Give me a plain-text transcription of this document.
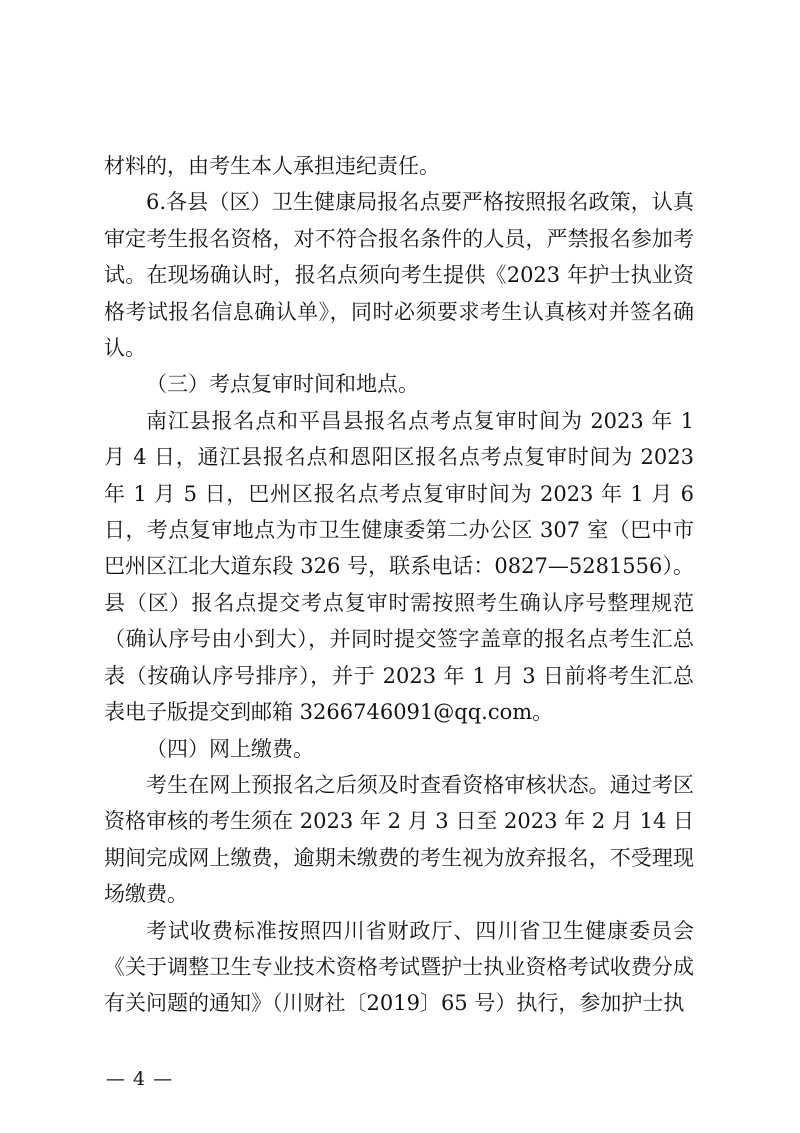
材料的，由考生本人承担违纪责任。

6.各县（区）卫生健康局报名点要严格按照报名政策，认真审定考生报名资格，对不符合报名条件的人员，严禁报名参加考试。在现场确认时，报名点须向考生提供《2023 年护士执业资格考试报名信息确认单》，同时必须要求考生认真核对并签名确认。

（三）考点复审时间和地点。

南江县报名点和平昌县报名点考点复审时间为 2023 年 1 月 4 日，通江县报名点和恩阳区报名点考点复审时间为 2023 年 1 月 5 日，巴州区报名点考点复审时间为 2023 年 1 月 6 日，考点复审地点为市卫生健康委第二办公区 307 室（巴中市巴州区江北大道东段 326 号，联系电话：0827—5281556）。县（区）报名点提交考点复审时需按照考生确认序号整理规范（确认序号由小到大），并同时提交签字盖章的报名点考生汇总表（按确认序号排序），并于 2023 年 1 月 3 日前将考生汇总表电子版提交到邮箱 3266746091@qq.com。

（四）网上缴费。

考生在网上预报名之后须及时查看资格审核状态。通过考区资格审核的考生须在 2023 年 2 月 3 日至 2023 年 2 月 14 日期间完成网上缴费，逾期未缴费的考生视为放弃报名，不受理现场缴费。

考试收费标准按照四川省财政厅、四川省卫生健康委员会《关于调整卫生专业技术资格考试暨护士执业资格考试收费分成有关问题的通知》（川财社〔2019〕65 号）执行，参加护士执

— 4 —
